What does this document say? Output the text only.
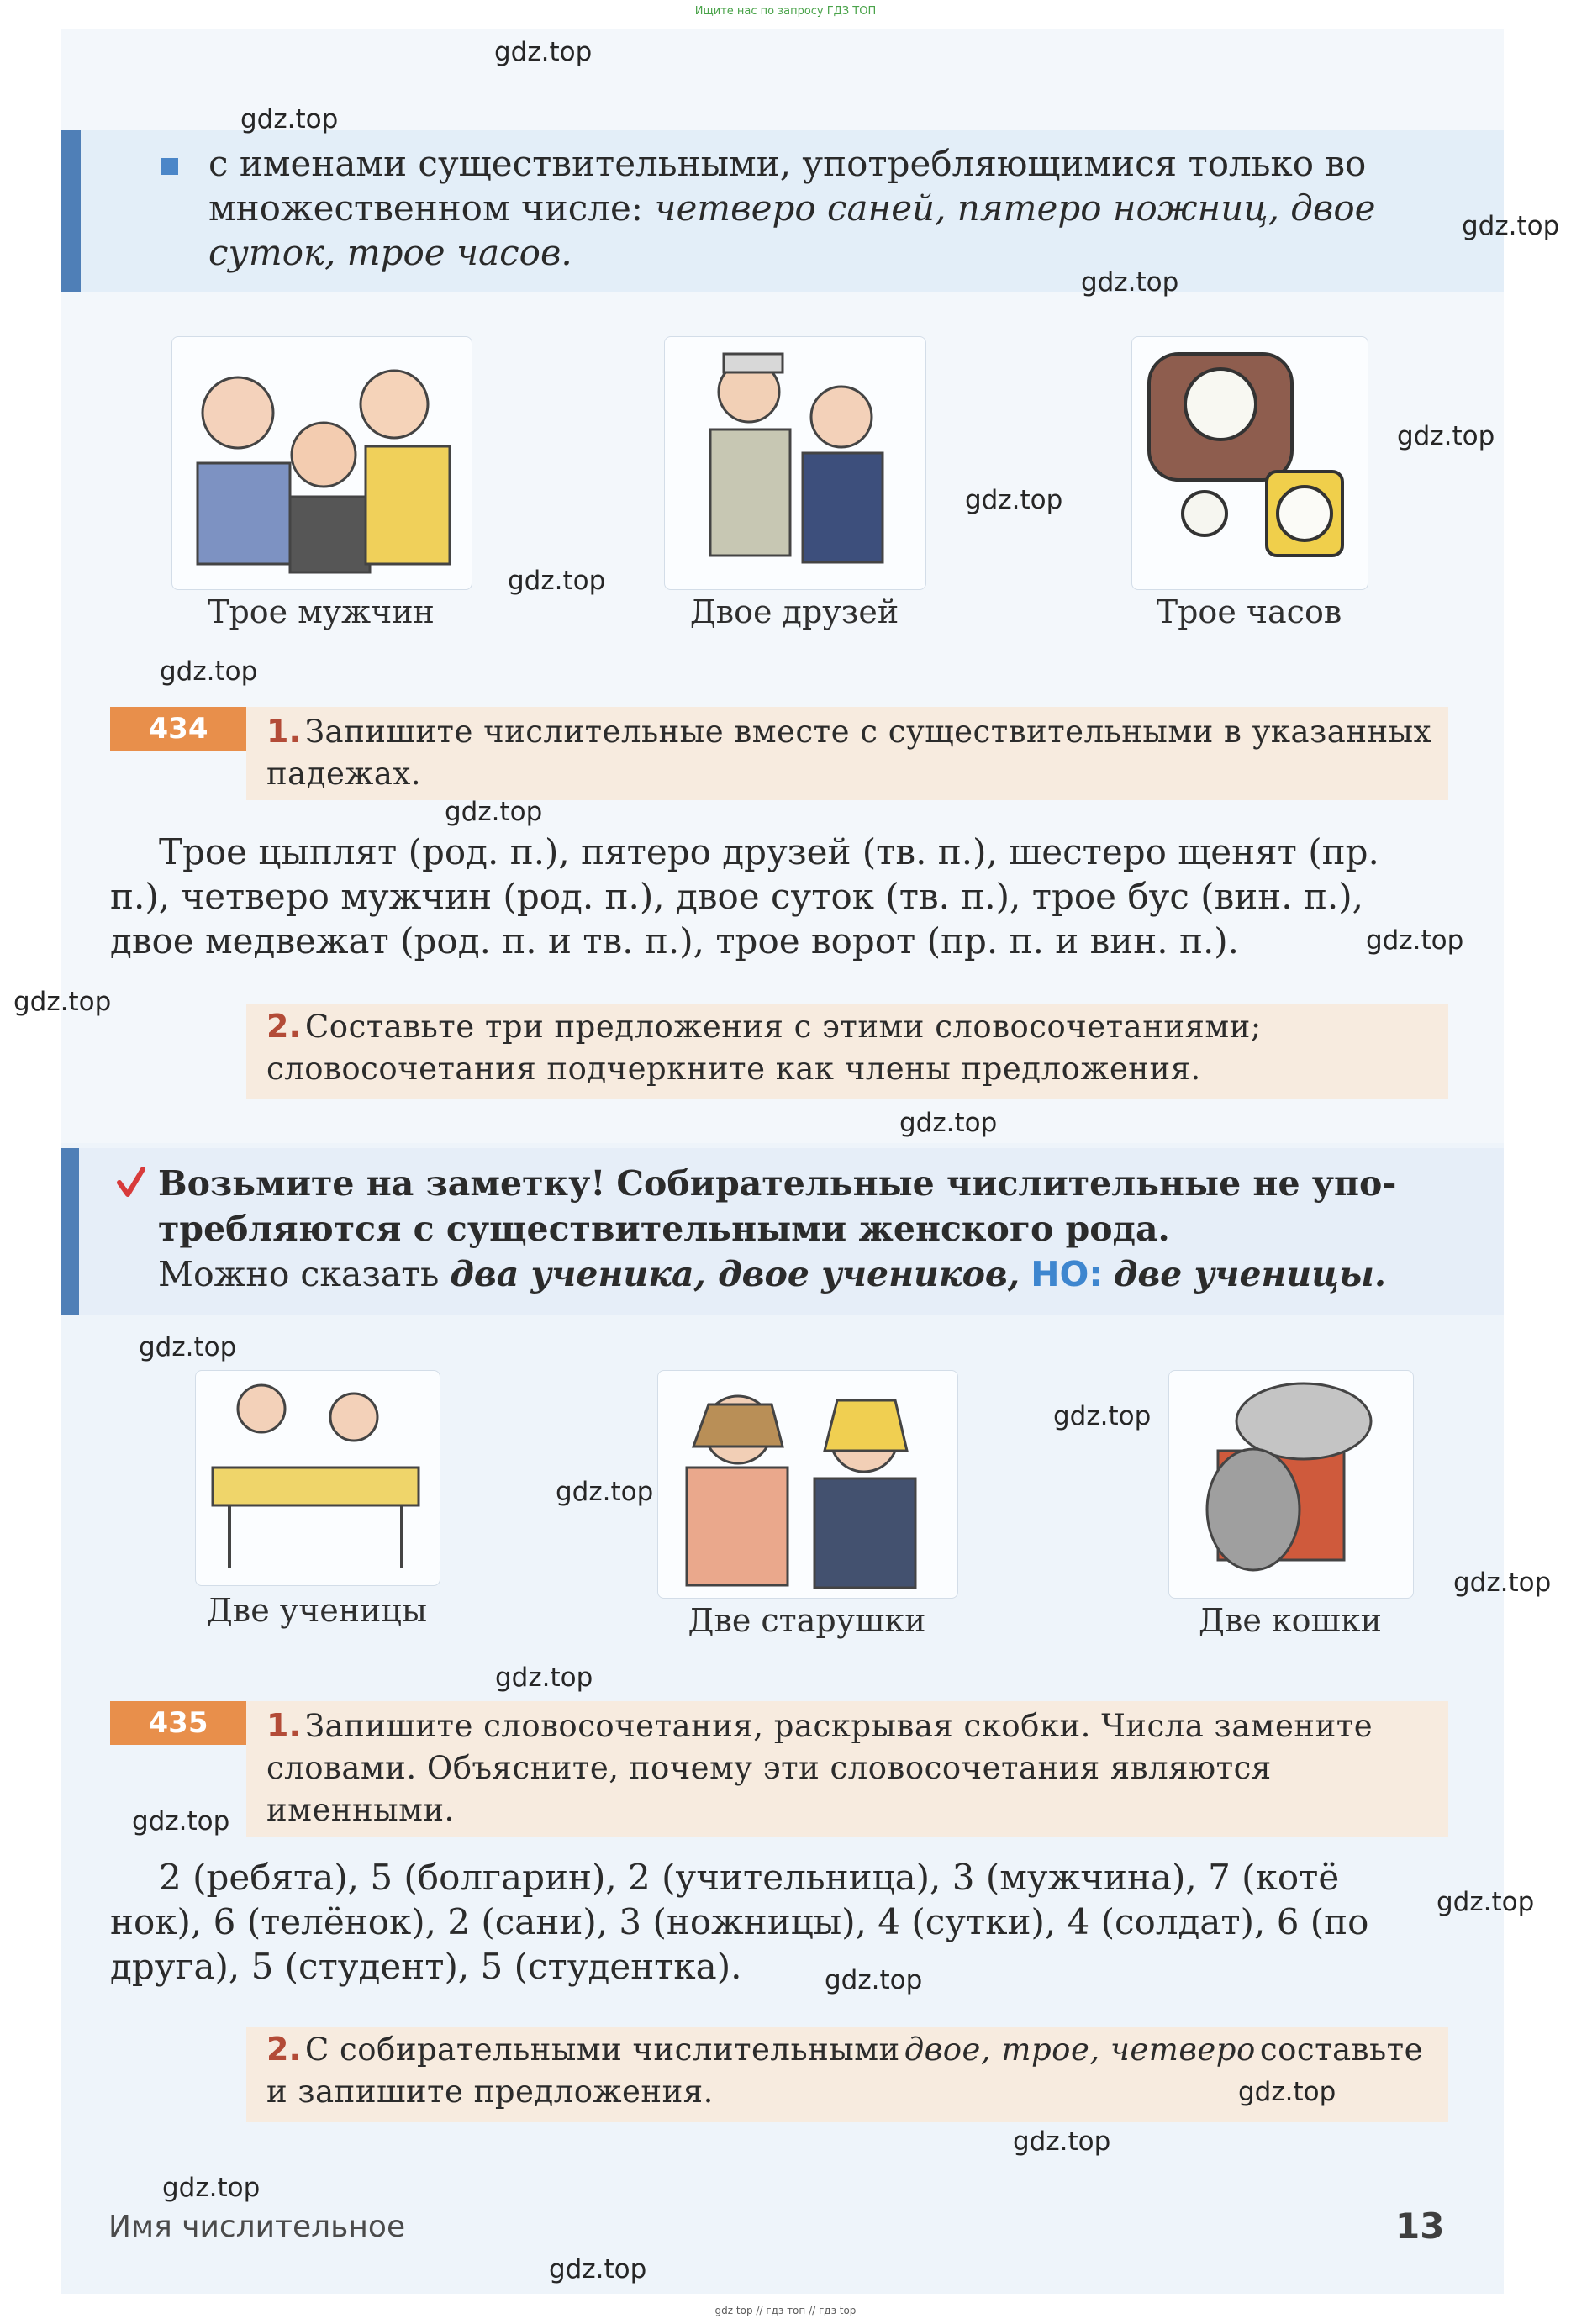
Ищите нас по запросу ГДЗ ТОП
с именами существительными, употребляющимися только во множественном числе: четверо саней, пятеро ножниц, двое суток, трое часов.
Трое мужчин	Двое друзей	Трое часов
434	1. Запишите числительные вместе с существительными в указанных падежах.
Трое цыплят (род. п.), пятеро друзей (тв. п.), шестеро щенят (пр.
п.), четверо мужчин (род. п.), двое суток (тв. п.), трое бус (вин. п.),
двое медвежат (род. п. и тв. п.), трое ворот (пр. п. и вин. п.).
2. Составьте три предложения с этими словосочетаниями; словосочетания подчеркните как члены предложения.
Возьмите на заметку! Собирательные числительные не употребляются с существительными женского рода.
Можно сказать два ученика, двое учеников, НО: две ученицы.
Две ученицы	Две старушки	Две кошки
435	1. Запишите словосочетания, раскрывая скобки. Числа замените словами. Объясните, почему эти словосочетания являются именными.
2 (ребята), 5 (болгарин), 2 (учительница), 3 (мужчина), 7 (котё
нок), 6 (телёнок), 2 (сани), 3 (ножницы), 4 (сутки), 4 (солдат), 6 (по
друга), 5 (студент), 5 (студентка).
2. С собирательными числительными двое, трое, четверо составьте и запишите предложения.
Имя числительное	13
gdz.top
gdz.top
gdz.top
gdz.top
gdz.top
gdz.top
gdz.top
gdz.top
gdz.top
gdz.top
gdz.top
gdz.top
gdz.top
gdz.top
gdz.top
gdz.top
gdz.top
gdz.top
gdz.top
gdz.top
gdz.top
gdz.top
gdz.top
gdz.top
gdz top // гдз топ // гдз top
